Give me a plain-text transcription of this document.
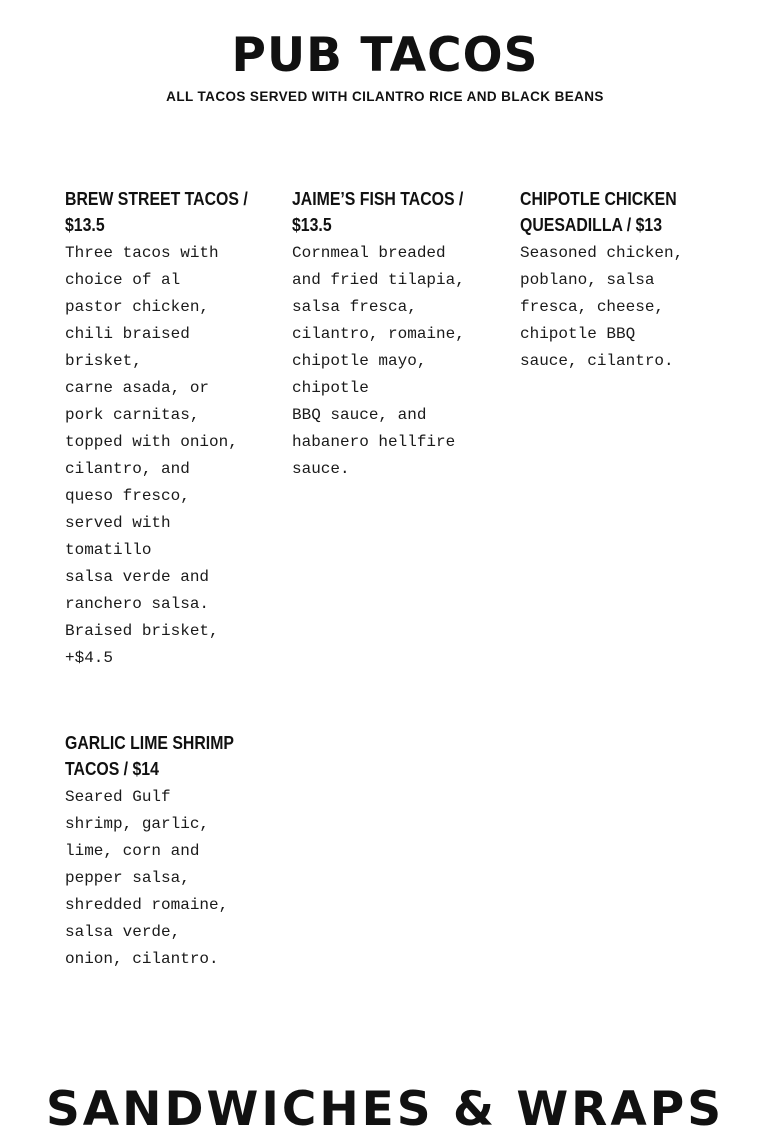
PUB TACOS
ALL TACOS SERVED WITH CILANTRO RICE AND BLACK BEANS
BREW STREET TACOS /
$13.5

Three tacos with
choice of al
pastor chicken,
chili braised
brisket,
carne asada, or
pork carnitas,
topped with onion,
cilantro, and
queso fresco,
served with
tomatillo
salsa verde and
ranchero salsa.
Braised brisket,
+$4.5

JAIME’S FISH TACOS /
$13.5

Cornmeal breaded
and fried tilapia,
salsa fresca,
cilantro, romaine,
chipotle mayo,
chipotle
BBQ sauce, and
habanero hellfire
sauce.

CHIPOTLE CHICKEN
QUESADILLA / $13

Seasoned chicken,
poblano, salsa
fresca, cheese,
chipotle BBQ
sauce, cilantro.

GARLIC LIME SHRIMP
TACOS / $14

Seared Gulf
shrimp, garlic,
lime, corn and
pepper salsa,
shredded romaine,
salsa verde,
onion, cilantro.

SANDWICHES & WRAPS
